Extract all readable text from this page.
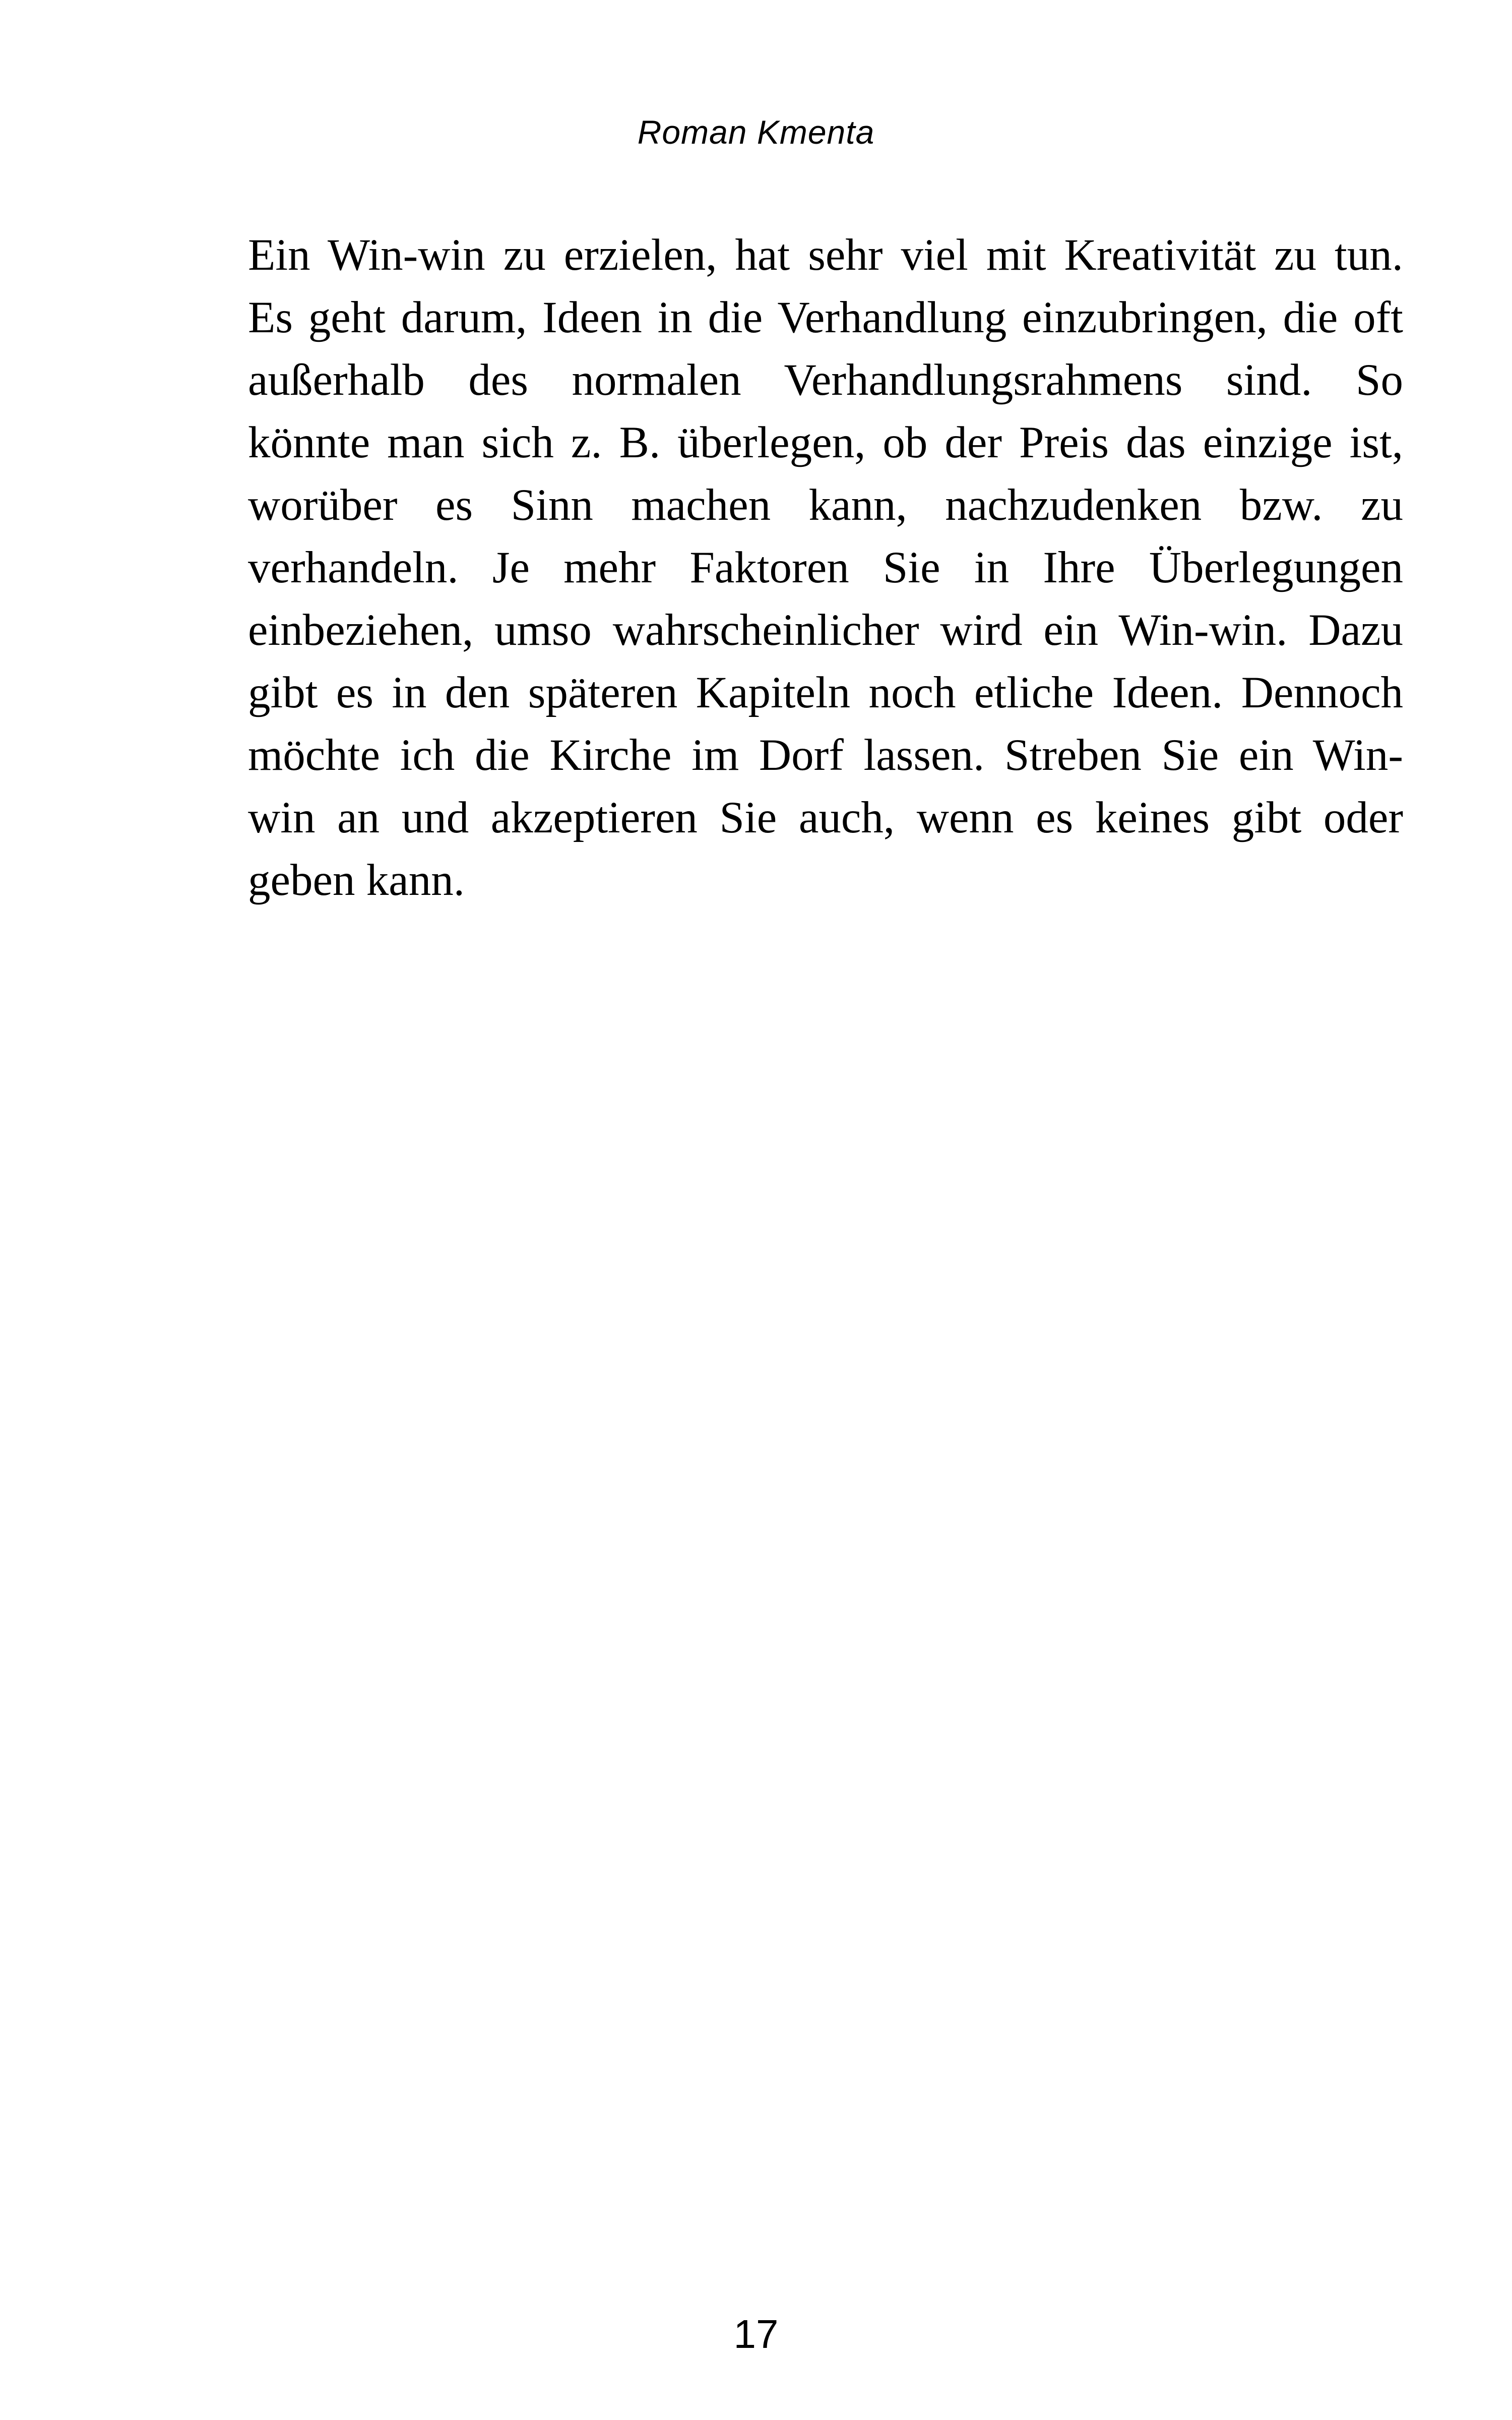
Roman Kmenta
Ein Win-win zu erzielen, hat sehr viel mit Kreativität zu tun.
Es geht darum, Ideen in die Verhandlung einzubringen, die oft
außerhalb des normalen Verhandlungsrahmens sind. So
könnte man sich z. B. überlegen, ob der Preis das einzige ist,
worüber es Sinn machen kann, nachzudenken bzw. zu
verhandeln. Je mehr Faktoren Sie in Ihre Überlegungen
einbeziehen, umso wahrscheinlicher wird ein Win-win. Dazu
gibt es in den späteren Kapiteln noch etliche Ideen. Dennoch
möchte ich die Kirche im Dorf lassen. Streben Sie ein Win-
win an und akzeptieren Sie auch, wenn es keines gibt oder
geben kann.
17
